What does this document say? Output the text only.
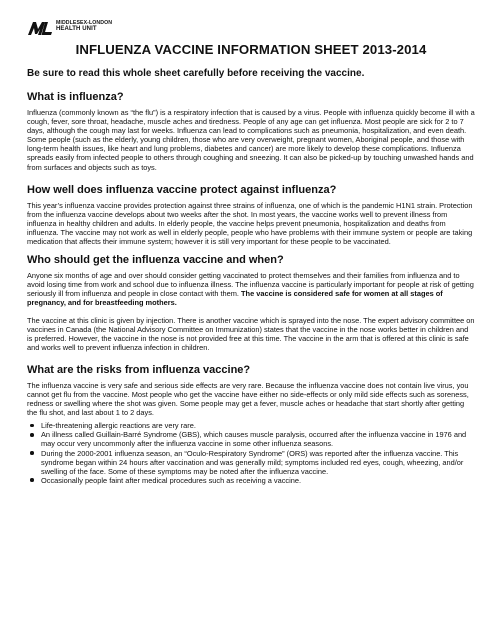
MIDDLESEX-LONDON
HEALTH UNIT
INFLUENZA VACCINE INFORMATION SHEET 2013-2014
Be sure to read this whole sheet carefully before receiving the vaccine.
What is influenza?

Influenza (commonly known as “the flu”) is a respiratory infection that is caused by a virus. People with influenza quickly become ill with a cough, fever, sore throat, headache, muscle aches and tiredness. People of any age can get influenza. Most people are sick for 2 to 7 days, although the cough may last for weeks. Influenza can lead to complications such as pneumonia, hospitalization, and even death. Some people (such as the elderly, young children, those who are very overweight, pregnant women, Aboriginal people, and those with long-term health issues, like heart and lung problems, diabetes and cancer) are more likely to develop these complications. Influenza spreads easily from infected people to others through coughing and sneezing. It can also be picked-up by touching unwashed hands and from surfaces and objects such as toys.

How well does influenza vaccine protect against influenza?

This year’s influenza vaccine provides protection against three strains of influenza, one of which is the pandemic H1N1 strain. Protection from the influenza vaccine develops about two weeks after the shot. In most years, the vaccine works well to prevent illness from influenza in healthy children and adults. In elderly people, the vaccine helps prevent pneumonia, hospitalization and deaths from influenza. The vaccine may not work as well in elderly people, people who have problems with their immune system or people are taking medication that affects their immune system; however it is still very important for these people to be vaccinated.

Who should get the influenza vaccine and when?

Anyone six months of age and over should consider getting vaccinated to protect themselves and their families from influenza and to avoid losing time from work and school due to influenza illness. The influenza vaccine is particularly important for people at risk of getting seriously ill from influenza and people in close contact with them. The vaccine is considered safe for women at all stages of pregnancy, and for breastfeeding mothers.

The vaccine at this clinic is given by injection. There is another vaccine which is sprayed into the nose. The expert advisory committee on vaccines in Canada (the National Advisory Committee on Immunization) states that the vaccine in the nose works better in children and is preferred. However, the vaccine in the nose is not provided free at this time. The vaccine in the arm that is offered at this clinic is safe and works well to prevent influenza infection in children.

What are the risks from influenza vaccine?

The influenza vaccine is very safe and serious side effects are very rare. Because the influenza vaccine does not contain live virus, you cannot get flu from the vaccine. Most people who get the vaccine have either no side-effects or only mild side effects such as soreness, redness or swelling where the shot was given. Some people may get a fever, muscle aches or headache that start shortly after getting the flu shot, and last about 1 to 2 days.

Life-threatening allergic reactions are very rare.
An illness called Guillain-Barré Syndrome (GBS), which causes muscle paralysis, occurred after the influenza vaccine in 1976 and may occur very uncommonly after the influenza vaccine in some other influenza seasons.
During the 2000-2001 influenza season, an “Oculo-Respiratory Syndrome” (ORS) was reported after the influenza vaccine. This syndrome began within 24 hours after vaccination and was generally mild; symptoms included red eyes, cough, wheezing, and/or swelling of the face. Some of these symptoms may be noted after the influenza vaccine.
Occasionally people faint after medical procedures such as receiving a vaccine.
